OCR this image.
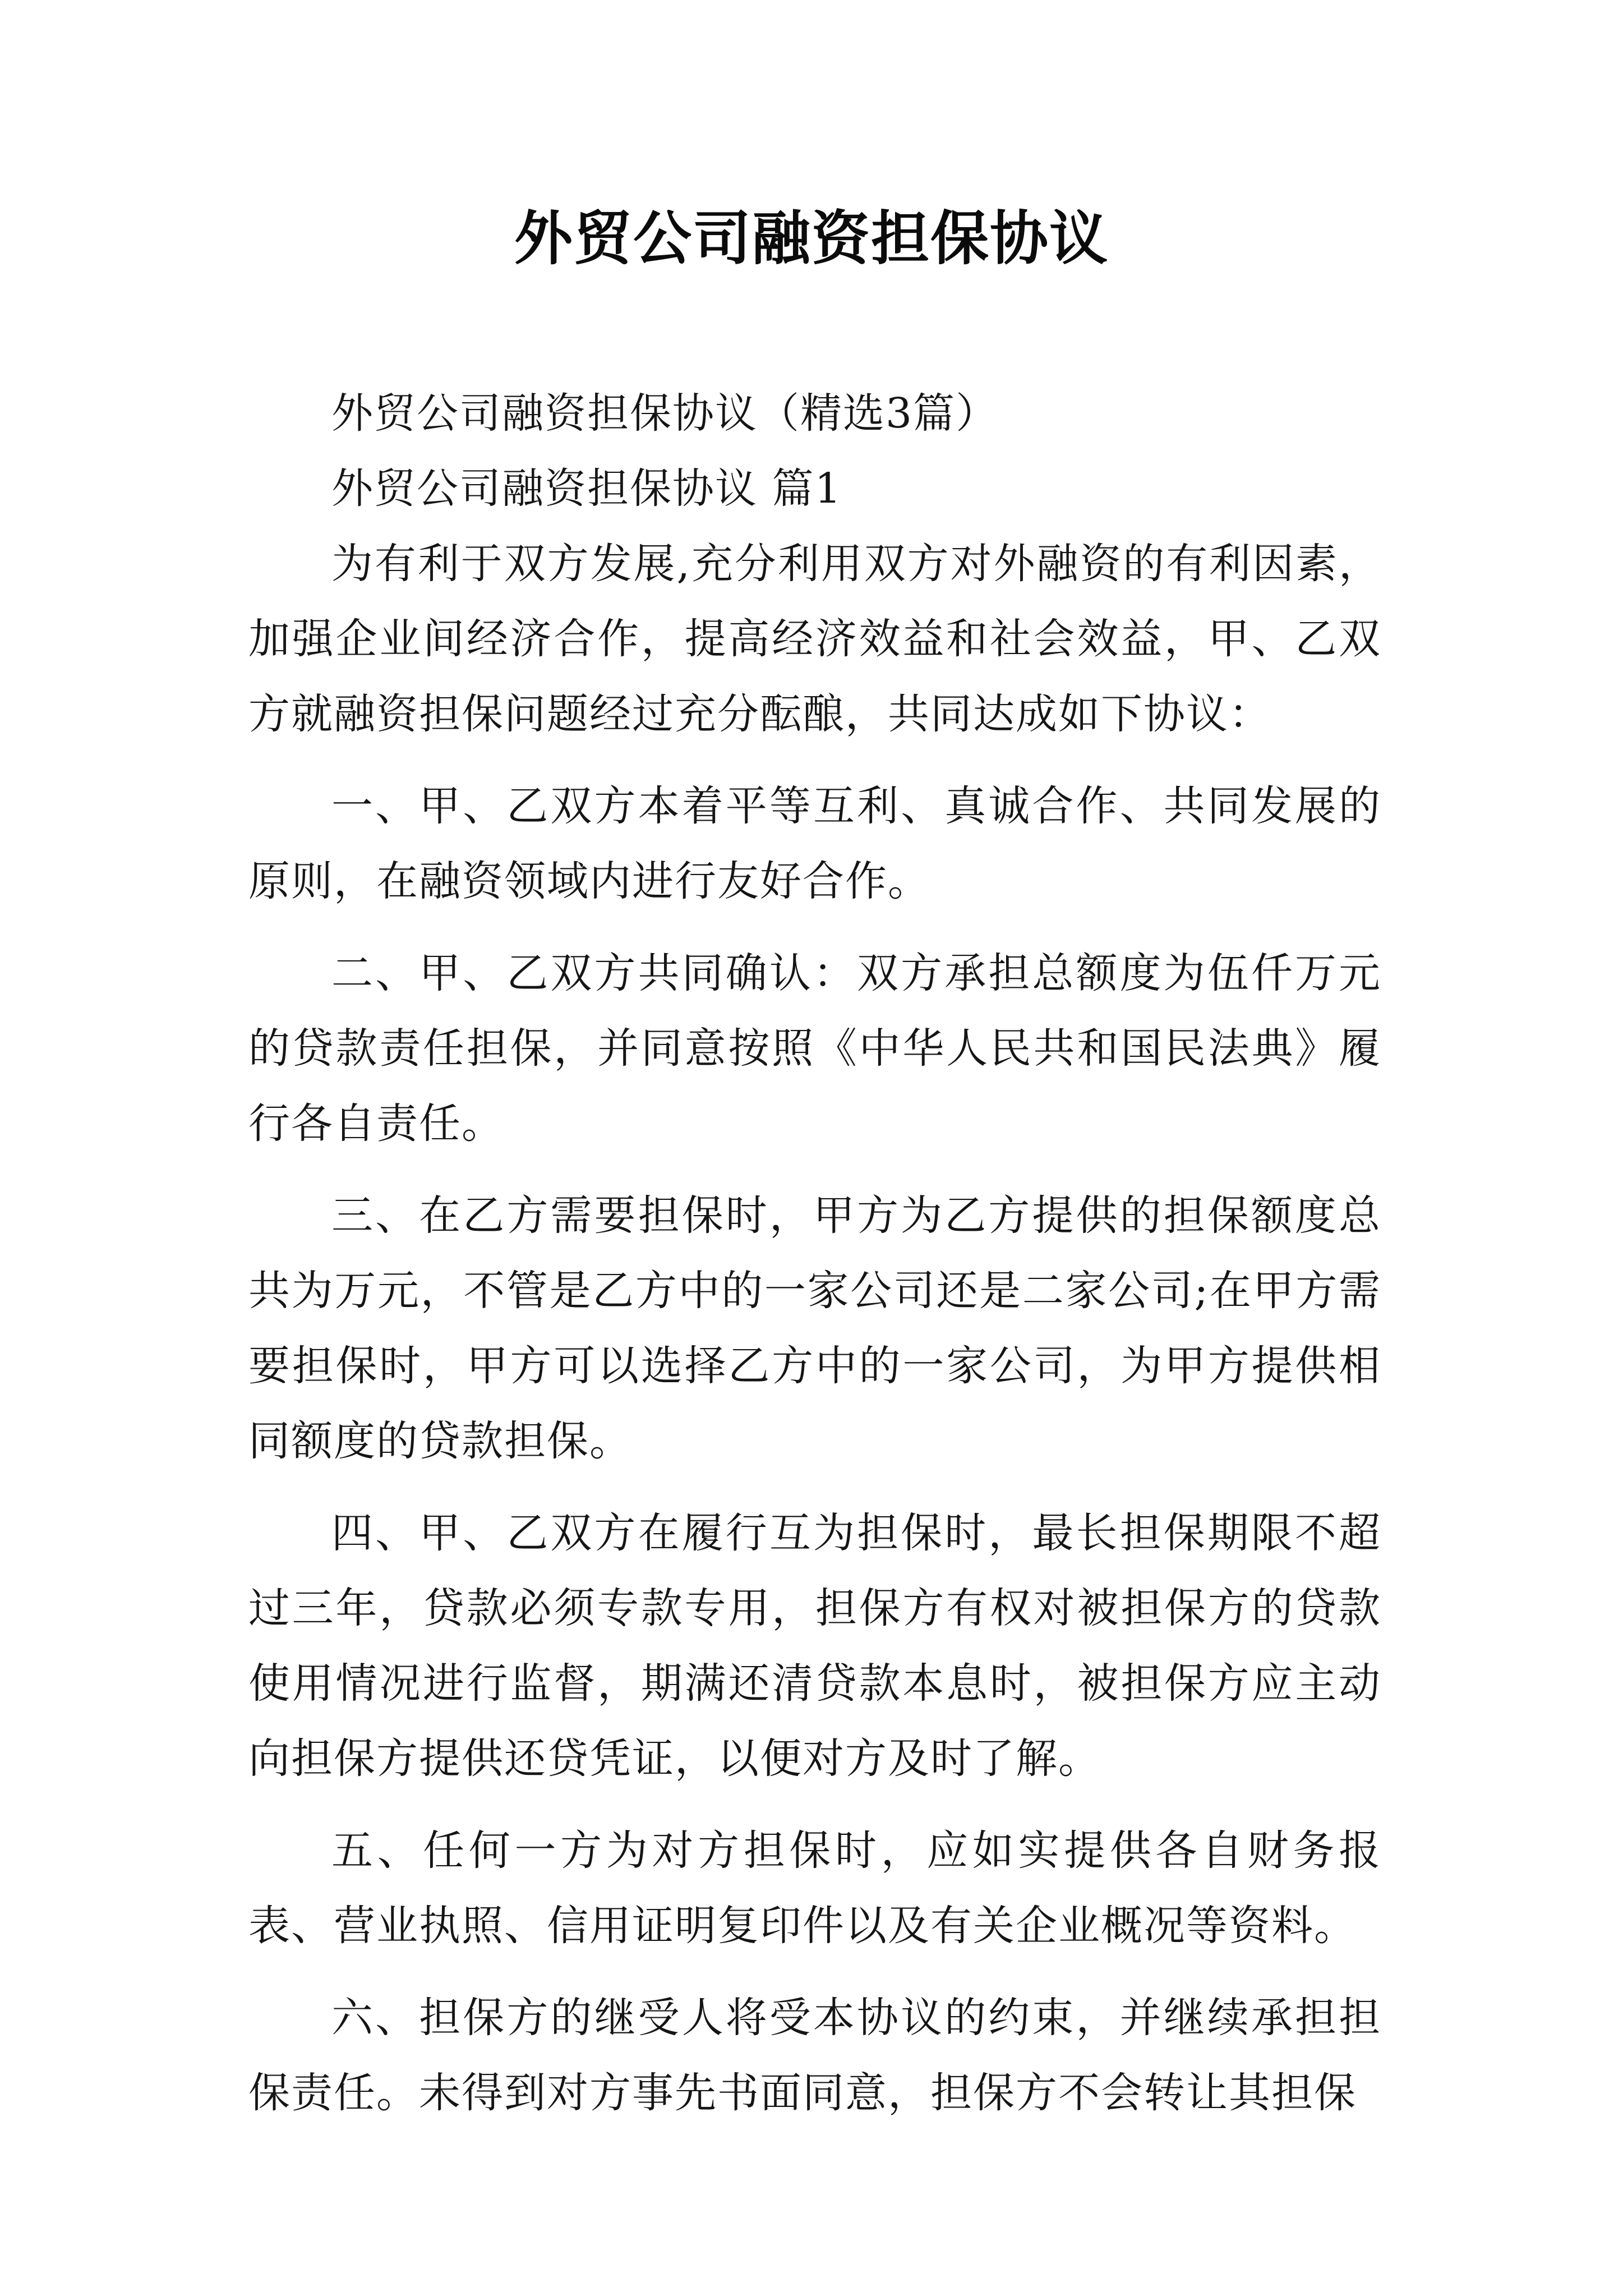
外贸公司融资担保协议

外贸公司融资担保协议（精选3篇）

外贸公司融资担保协议 篇1

为有利于双方发展,充分利用双方对外融资的有利因素，加强企业间经济合作，提高经济效益和社会效益，甲、乙双方就融资担保问题经过充分酝酿，共同达成如下协议：

一、甲、乙双方本着平等互利、真诚合作、共同发展的原则，在融资领域内进行友好合作。

二、甲、乙双方共同确认：双方承担总额度为伍仟万元的贷款责任担保，并同意按照《中华人民共和国民法典》履行各自责任。

三、在乙方需要担保时，甲方为乙方提供的担保额度总共为万元，不管是乙方中的一家公司还是二家公司;在甲方需要担保时，甲方可以选择乙方中的一家公司，为甲方提供相同额度的贷款担保。

四、甲、乙双方在履行互为担保时，最长担保期限不超过三年，贷款必须专款专用，担保方有权对被担保方的贷款使用情况进行监督，期满还清贷款本息时，被担保方应主动向担保方提供还贷凭证，以便对方及时了解。

五、任何一方为对方担保时，应如实提供各自财务报表、营业执照、信用证明复印件以及有关企业概况等资料。

六、担保方的继受人将受本协议的约束，并继续承担担保责任。未得到对方事先书面同意，担保方不会转让其担保
